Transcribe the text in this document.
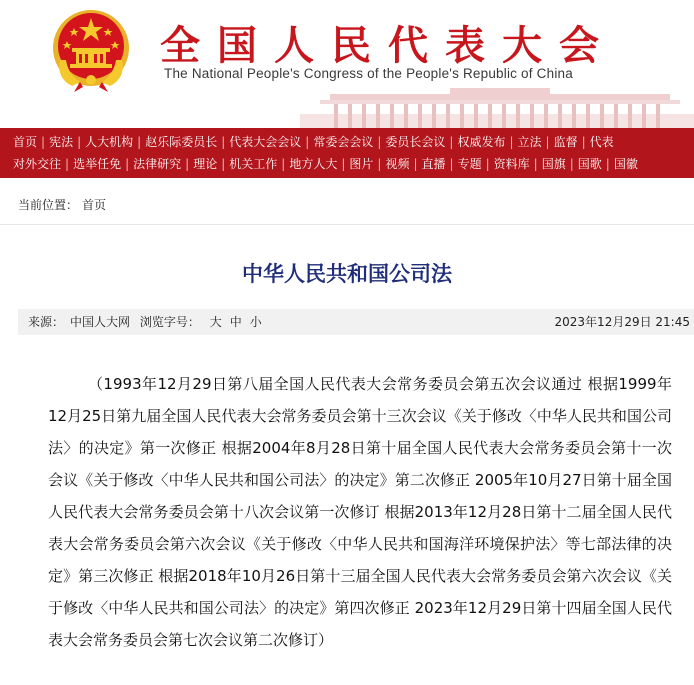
全国人民代表大会
The National People's Congress of the People's Republic of China
首页 | 宪法 | 人大机构 | 赵乐际委员长 | 代表大会会议 | 常委会会议 | 委员长会议 | 权威发布 | 立法 | 监督 | 代表
对外交往 | 选举任免 | 法律研究 | 理论 | 机关工作 | 地方人大 | 图片 | 视频 | 直播 | 专题 | 资料库 | 国旗 | 国歌 | 国徽
当前位置： 首页
中华人民共和国公司法
来源： 中国人大网 浏览字号： 大 中 小	2023年12月29日 21:45

（1993年12月29日第八届全国人民代表大会常务委员会第五次会议通过 根据1999年12月25日第九届全国人民代表大会常务委员会第十三次会议《关于修改〈中华人民共和国公司法〉的决定》第一次修正 根据2004年8月28日第十届全国人民代表大会常务委员会第十一次会议《关于修改〈中华人民共和国公司法〉的决定》第二次修正 2005年10月27日第十届全国人民代表大会常务委员会第十八次会议第一次修订 根据2013年12月28日第十二届全国人民代表大会常务委员会第六次会议《关于修改〈中华人民共和国海洋环境保护法〉等七部法律的决定》第三次修正 根据2018年10月26日第十三届全国人民代表大会常务委员会第六次会议《关于修改〈中华人民共和国公司法〉的决定》第四次修正 2023年12月29日第十四届全国人民代表大会常务委员会第七次会议第二次修订）
